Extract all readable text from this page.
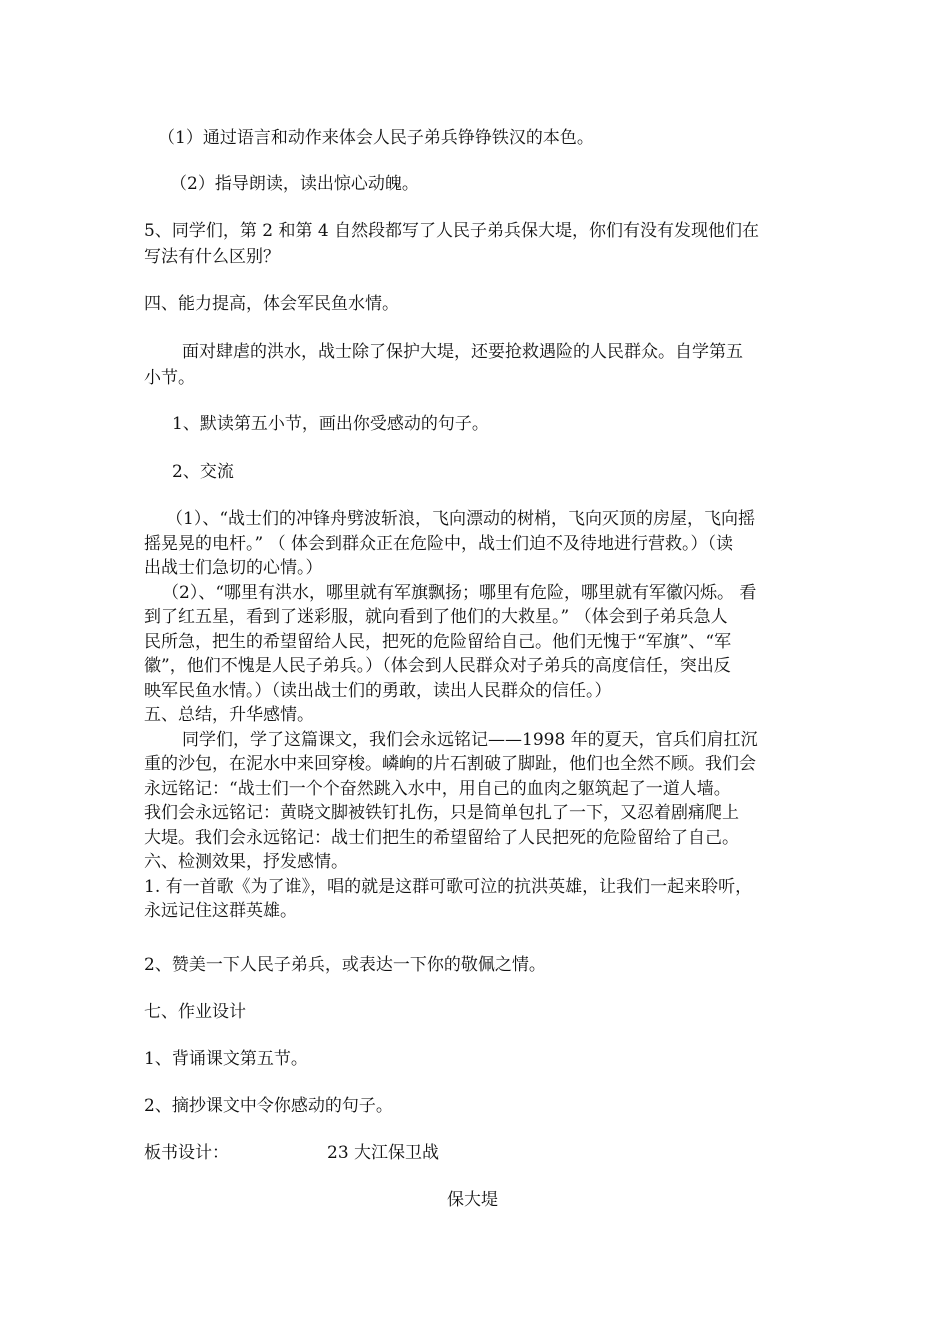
（1）通过语言和动作来体会人民子弟兵铮铮铁汉的本色。
（2）指导朗读，读出惊心动魄。
5、同学们，第 2 和第 4 自然段都写了人民子弟兵保大堤，你们有没有发现他们在
写法有什么区别？
四、能力提高，体会军民鱼水情。
面对肆虐的洪水，战士除了保护大堤，还要抢救遇险的人民群众。自学第五
小节。
1、默读第五小节，画出你受感动的句子。
2、交流
（1）、“战士们的冲锋舟劈波斩浪，飞向漂动的树梢，飞向灭顶的房屋，飞向摇
摇晃晃的电杆。” （ 体会到群众正在危险中，战士们迫不及待地进行营救。）（读
出战士们急切的心情。）
（2）、“哪里有洪水，哪里就有军旗飘扬；哪里有危险，哪里就有军徽闪烁。 看
到了红五星，看到了迷彩服，就向看到了他们的大救星。” （体会到子弟兵急人
民所急，把生的希望留给人民，把死的危险留给自己。他们无愧于“军旗”、“军
徽”，他们不愧是人民子弟兵。）（体会到人民群众对子弟兵的高度信任，突出反
映军民鱼水情。）（读出战士们的勇敢，读出人民群众的信任。）
五、总结，升华感情。
同学们，学了这篇课文，我们会永远铭记——1998 年的夏天，官兵们肩扛沉
重的沙包，在泥水中来回穿梭。嶙峋的片石割破了脚趾，他们也全然不顾。我们会
永远铭记：“战士们一个个奋然跳入水中，用自己的血肉之躯筑起了一道人墙。
我们会永远铭记：黄晓文脚被铁钉扎伤，只是简单包扎了一下，又忍着剧痛爬上
大堤。我们会永远铭记：战士们把生的希望留给了人民把死的危险留给了自己。
六、检测效果，抒发感情。
1. 有一首歌《为了谁》，唱的就是这群可歌可泣的抗洪英雄，让我们一起来聆听，
永远记住这群英雄。
2、赞美一下人民子弟兵，或表达一下你的敬佩之情。
七、作业设计
1、背诵课文第五节。
2、摘抄课文中令你感动的句子。
板书设计：	23 大江保卫战
保大堤
